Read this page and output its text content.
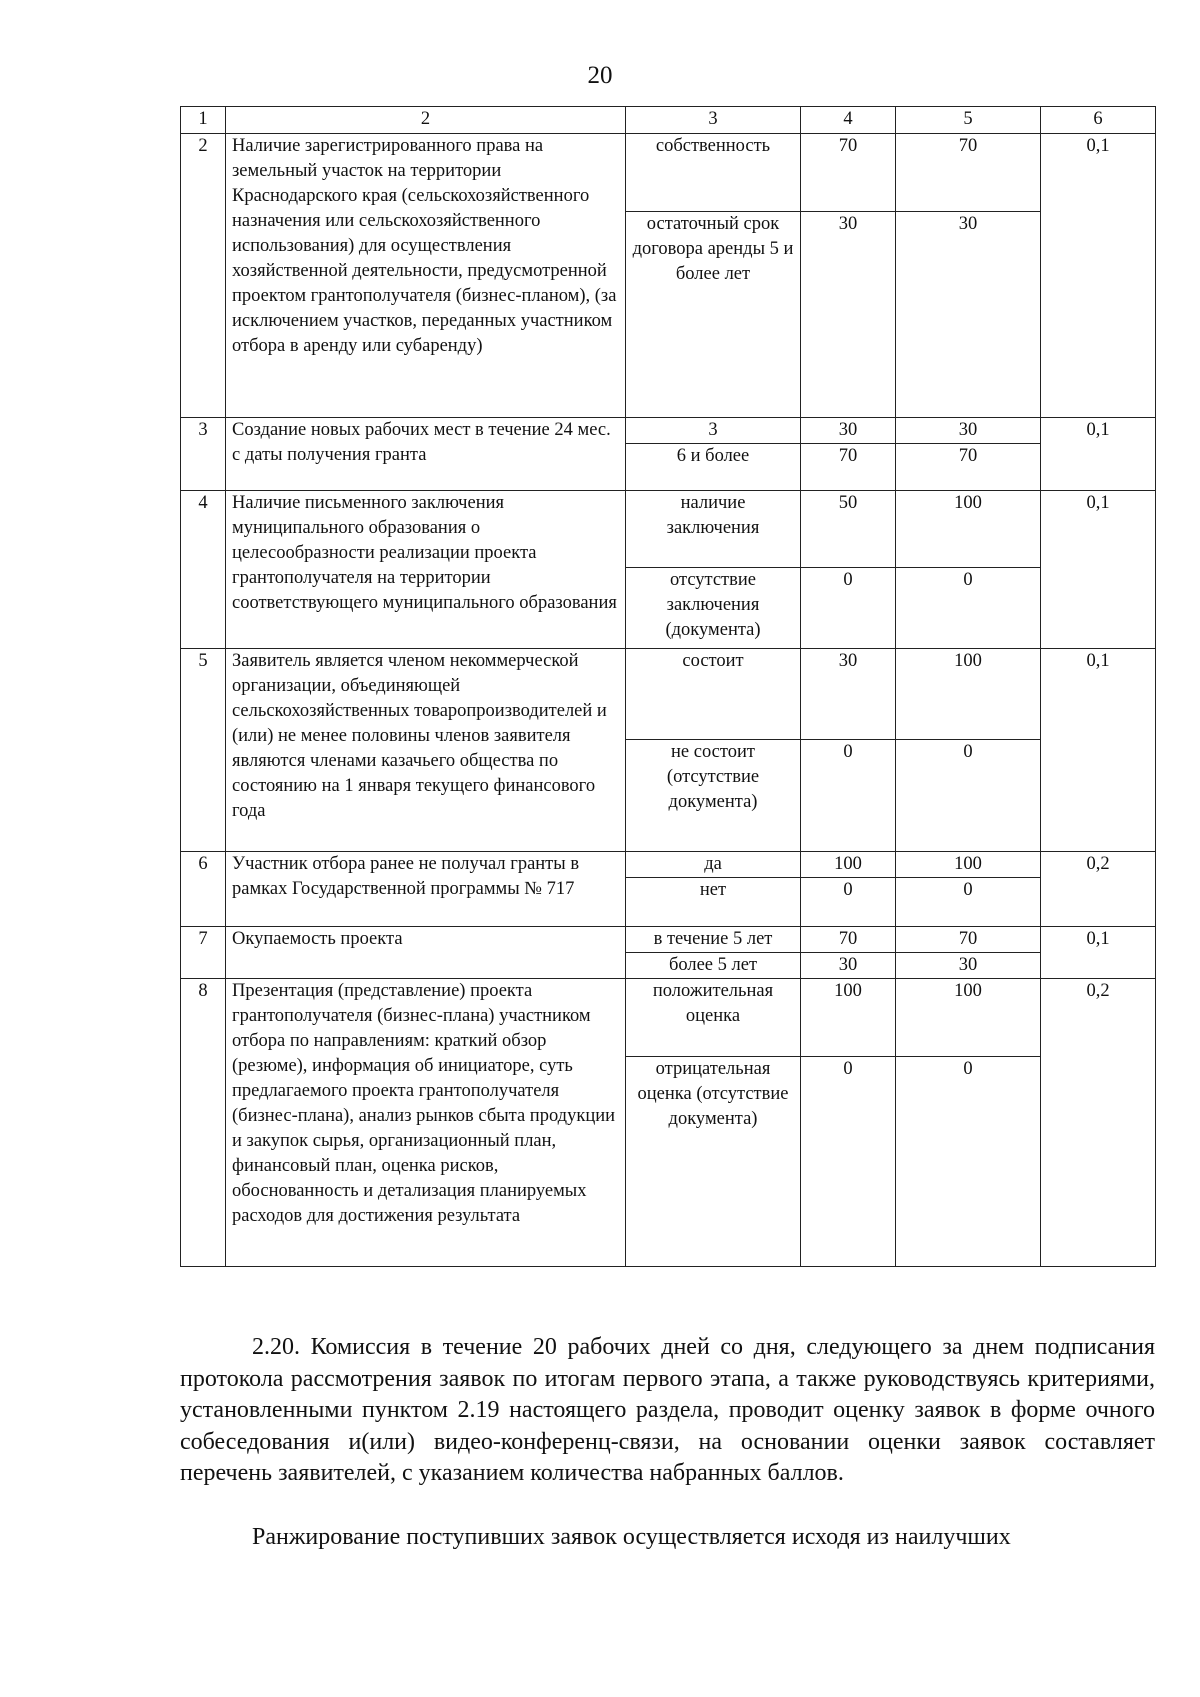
20
1	2	3	4	5	6
2	Наличие зарегистрированного права на земельный участок на территории Краснодарского края (сельскохозяйственного назначения или сельскохозяйственного использования) для осуществления хозяйственной деятельности, предусмотренной проектом грантополучателя (бизнес-планом), (за исключением участков, переданных участником отбора в аренду или субаренду)	собственность	70	70	0,1
		остаточный срок договора аренды 5 и более лет	30	30	
3	Создание новых рабочих мест в течение 24 мес. с даты получения гранта	3	30	30	0,1
		6 и более	70	70	
4	Наличие письменного заключения муниципального образования о целесообразности реализации проекта грантополучателя на территории соответствующего муниципального образования	наличие заключения	50	100	0,1
		отсутствие заключения (документа)	0	0	
5	Заявитель является членом некоммерческой организации, объединяющей сельскохозяйственных товаропроизводителей и (или) не менее половины членов заявителя являются членами казачьего общества по состоянию на 1 января текущего финансового года	состоит	30	100	0,1
		не состоит (отсутствие документа)	0	0	
6	Участник отбора ранее не получал гранты в рамках Государственной программы № 717	да	100	100	0,2
		нет	0	0	
7	Окупаемость проекта	в течение 5 лет	70	70	0,1
		более 5 лет	30	30	
8	Презентация (представление) проекта грантополучателя (бизнес-плана) участником отбора по направлениям: краткий обзор (резюме), информация об инициаторе, суть предлагаемого проекта грантополучателя (бизнес-плана), анализ рынков сбыта продукции и закупок сырья, организационный план, финансовый план, оценка рисков, обоснованность и детализация планируемых расходов для достижения результата	положительная оценка	100	100	0,2
		отрицательная оценка (отсутствие документа)	0	0	
2.20. Комиссия в течение 20 рабочих дней со дня, следующего за днем подписания протокола рассмотрения заявок по итогам первого этапа, а также руководствуясь критериями, установленными пунктом 2.19 настоящего раздела, проводит оценку заявок в форме очного собеседования и(или) видео-конференц-связи, на основании оценки заявок составляет перечень заявителей, с указанием количества набранных баллов.
Ранжирование поступивших заявок осуществляется исходя из наилучших
